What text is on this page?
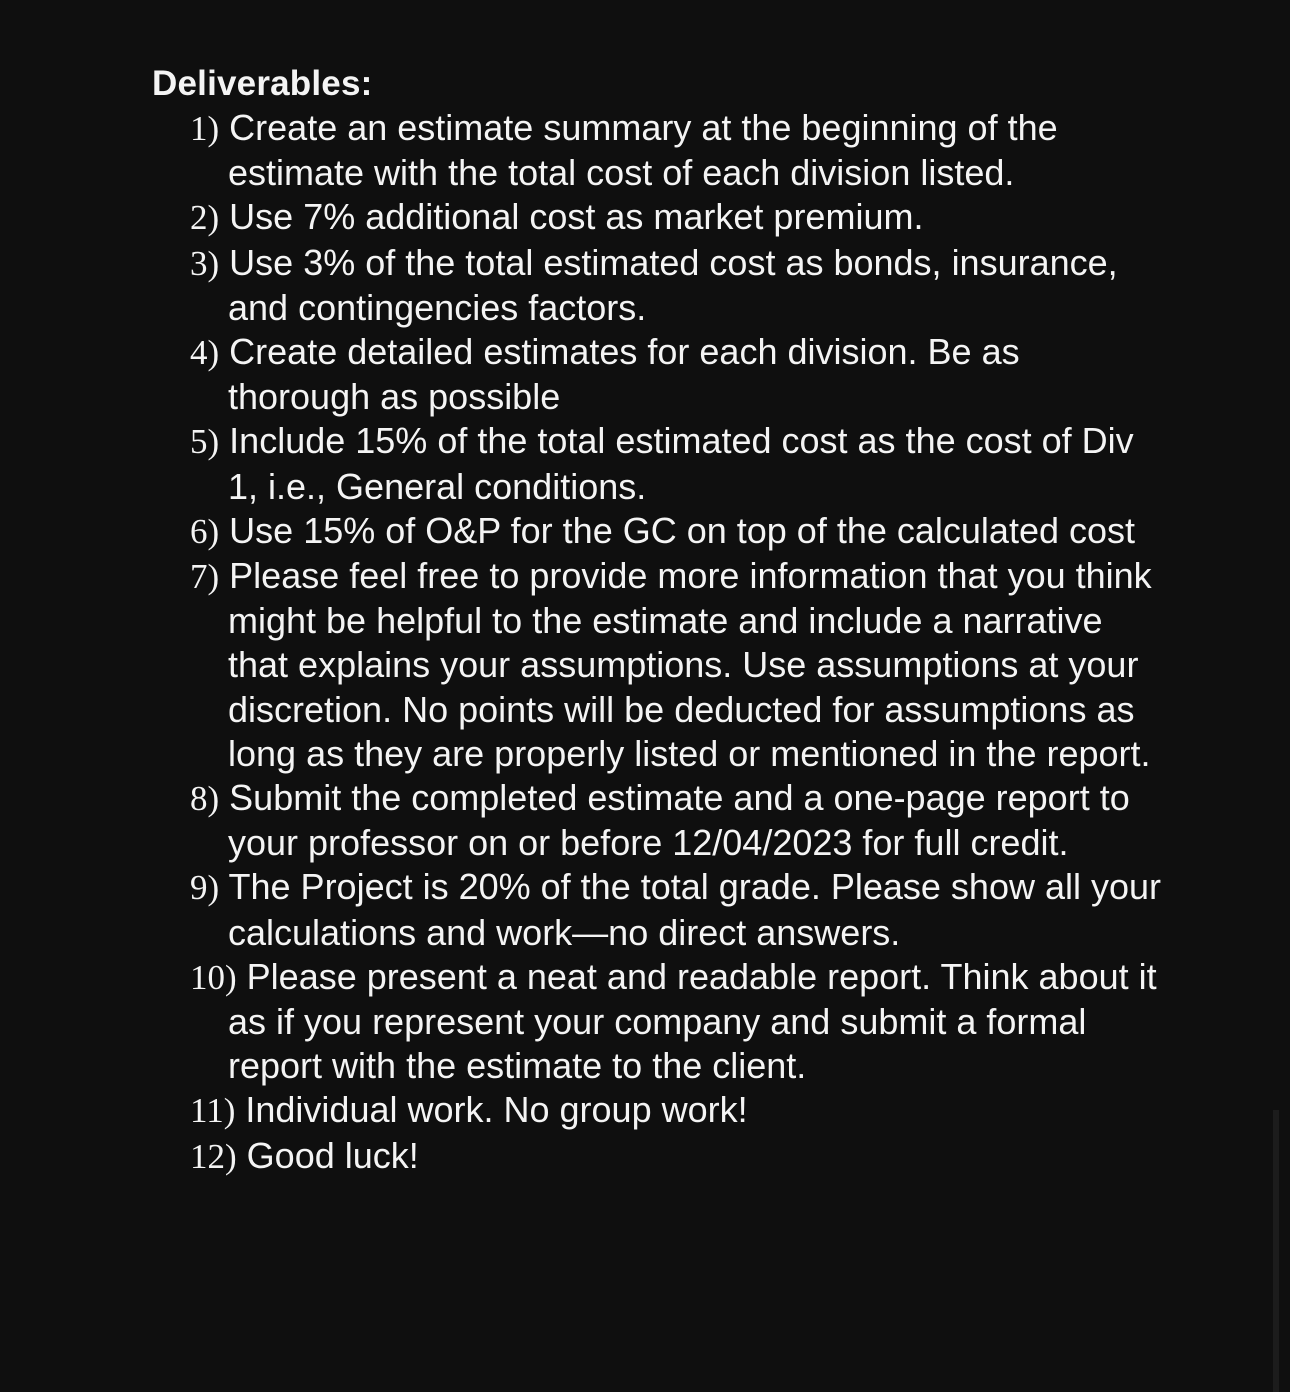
Deliverables:
1) Create an estimate summary at the beginning of the estimate with the total cost of each division listed.
2) Use 7% additional cost as market premium.
3) Use 3% of the total estimated cost as bonds, insurance, and contingencies factors.
4) Create detailed estimates for each division. Be as thorough as possible
5) Include 15% of the total estimated cost as the cost of Div 1, i.e., General conditions.
6) Use 15% of O&P for the GC on top of the calculated cost
7) Please feel free to provide more information that you think might be helpful to the estimate and include a narrative that explains your assumptions. Use assumptions at your discretion. No points will be deducted for assumptions as long as they are properly listed or mentioned in the report.
8) Submit the completed estimate and a one-page report to your professor on or before 12/04/2023 for full credit.
9) The Project is 20% of the total grade. Please show all your calculations and work—no direct answers.
10) Please present a neat and readable report. Think about it as if you represent your company and submit a formal report with the estimate to the client.
11) Individual work. No group work!
12) Good luck!
